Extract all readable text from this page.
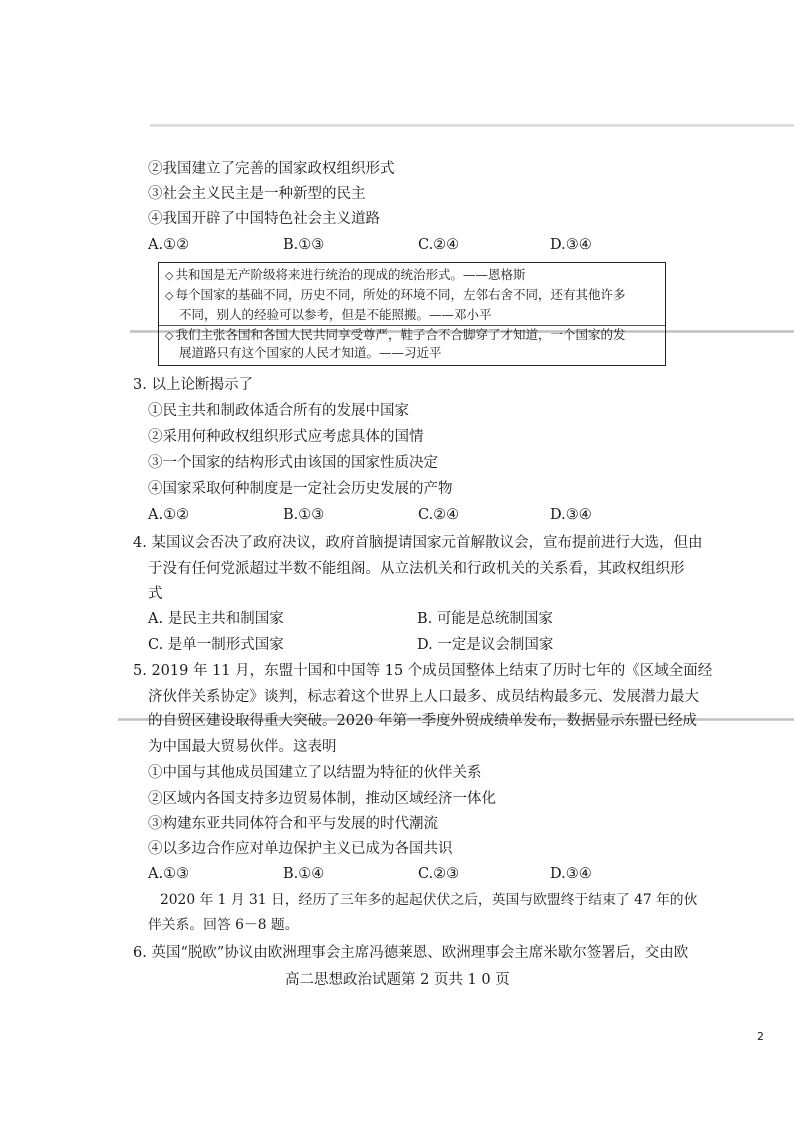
②我国建立了完善的国家政权组织形式
③社会主义民主是一种新型的民主
④我国开辟了中国特色社会主义道路
A.①②	B.①③	C.②④	D.③④
◇ 共和国是无产阶级将来进行统治的现成的统治形式。——恩格斯
◇ 每个国家的基础不同，历史不同，所处的环境不同，左邻右舍不同，还有其他许多
不同，别人的经验可以参考，但是不能照搬。——邓小平
◇ 我们主张各国和各国人民共同享受尊严，鞋子合不合脚穿了才知道，一个国家的发
展道路只有这个国家的人民才知道。——习近平
3. 以上论断揭示了
①民主共和制政体适合所有的发展中国家
②采用何种政权组织形式应考虑具体的国情
③一个国家的结构形式由该国的国家性质决定
④国家采取何种制度是一定社会历史发展的产物
A.①②	B.①③	C.②④	D.③④
4. 某国议会否决了政府决议，政府首脑提请国家元首解散议会，宣布提前进行大选，但由
于没有任何党派超过半数不能组阁。从立法机关和行政机关的关系看，其政权组织形
式
A. 是民主共和制国家	B. 可能是总统制国家
C. 是单一制形式国家	D. 一定是议会制国家
5. 2019 年 11 月，东盟十国和中国等 15 个成员国整体上结束了历时七年的《区域全面经
济伙伴关系协定》谈判，标志着这个世界上人口最多、成员结构最多元、发展潜力最大
的自贸区建设取得重大突破。2020 年第一季度外贸成绩单发布，数据显示东盟已经成
为中国最大贸易伙伴。这表明
①中国与其他成员国建立了以结盟为特征的伙伴关系
②区域内各国支持多边贸易体制，推动区域经济一体化
③构建东亚共同体符合和平与发展的时代潮流
④以多边合作应对单边保护主义已成为各国共识
A.①③	B.①④	C.②③	D.③④
2020 年 1 月 31 日，经历了三年多的起起伏伏之后，英国与欧盟终于结束了 47 年的伙
伴关系。回答 6－8 题。
6. 英国“脱欧”协议由欧洲理事会主席冯德莱恩、欧洲理事会主席米歇尔签署后，交由欧
高二思想政治试题第 2 页共 1 0 页
2
